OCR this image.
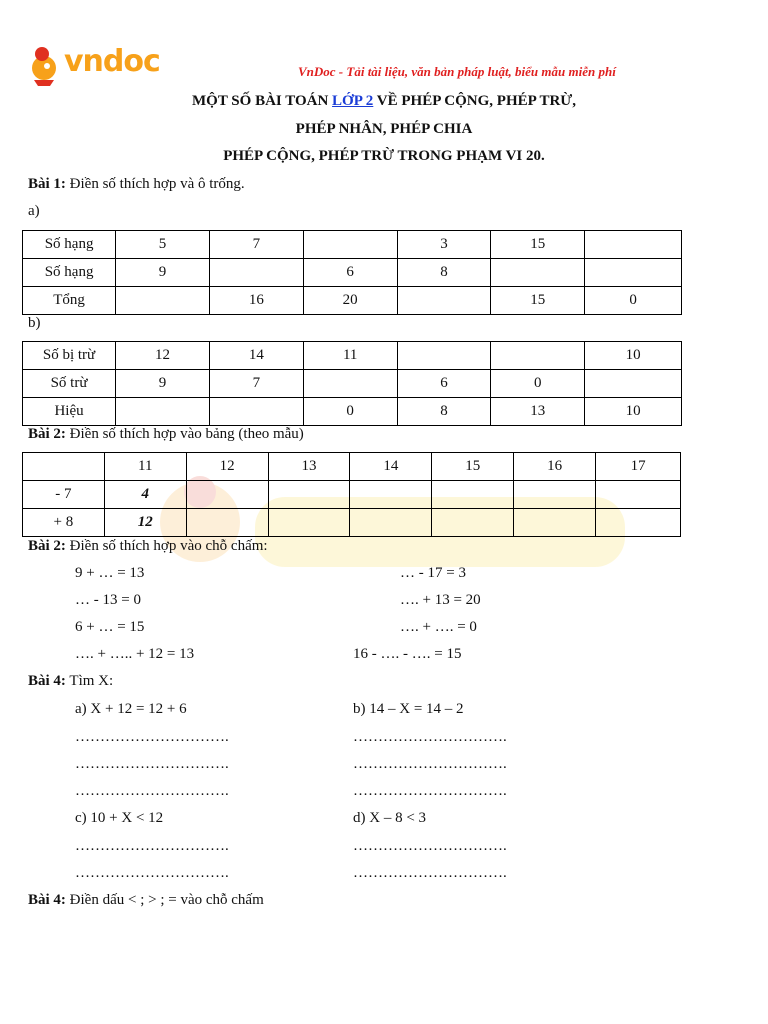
vndoc	VnDoc - Tải tài liệu, văn bản pháp luật, biểu mẫu miễn phí
MỘT SỐ BÀI TOÁN LỚP 2 VỀ PHÉP CỘNG, PHÉP TRỪ,
PHÉP NHÂN, PHÉP CHIA
PHÉP CỘNG, PHÉP TRỪ TRONG PHẠM VI 20.
Bài 1: Điền số thích hợp và ô trống.
a)
Số hạng	5	7		3	15	
Số hạng	9		6	8		
Tổng		16	20		15	0
b)
Số bị trừ	12	14	11			10
Số trừ	9	7		6	0	
Hiệu			0	8	13	10
Bài 2: Điền số thích hợp vào bảng (theo mẫu)
	11	12	13	14	15	16	17
- 7	4						
+ 8	12						
Bài 2: Điền số thích hợp vào chỗ chấm:
9 + … = 13	… - 17 = 3
… - 13 = 0	…. + 13 = 20
6 + … = 15	…. + …. = 0
…. + ….. + 12 = 13	16 - …. - …. = 15
Bài 4: Tìm X:
a) X + 12 = 12 + 6	b) 14 – X = 14 – 2
………………………….	………………………….
………………………….	………………………….
………………………….	………………………….
c) 10 + X < 12	d) X – 8 < 3
………………………….	………………………….
………………………….	………………………….
Bài 4: Điền dấu < ; > ; = vào chỗ chấm
